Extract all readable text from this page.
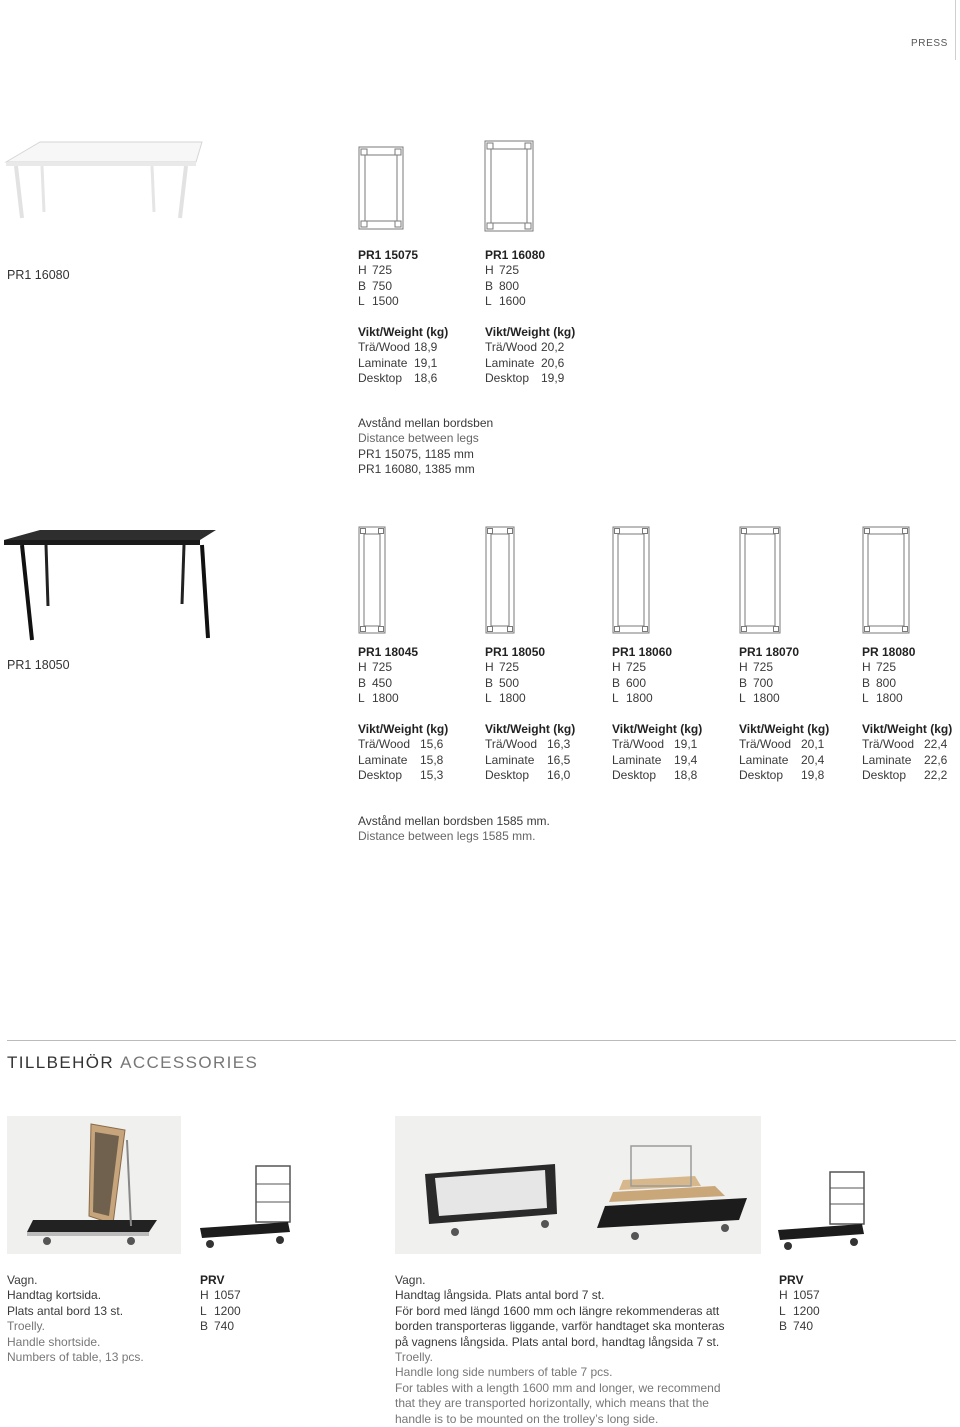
PRESS
PR1 16080
PR1 15075
H 725
B 750
L 1500
Vikt/Weight (kg)
Trä/Wood 18,9
Laminate 19,1
Desktop 18,6
PR1 16080
H 725
B 800
L 1600
Vikt/Weight (kg)
Trä/Wood 20,2
Laminate 20,6
Desktop 19,9
Avstånd mellan bordsben
Distance between legs
PR1 15075, 1185 mm
PR1 16080, 1385 mm
PR1 18050
PR1 18045
H 725
B 450
L 1800
Vikt/Weight (kg)
Trä/Wood 15,6
Laminate 15,8
Desktop 15,3
PR1 18050
H 725
B 500
L 1800
Vikt/Weight (kg)
Trä/Wood 16,3
Laminate 16,5
Desktop 16,0
PR1 18060
H 725
B 600
L 1800
Vikt/Weight (kg)
Trä/Wood 19,1
Laminate 19,4
Desktop 18,8
PR1 18070
H 725
B 700
L 1800
Vikt/Weight (kg)
Trä/Wood 20,1
Laminate 20,4
Desktop 19,8
PR 18080
H 725
B 800
L 1800
Vikt/Weight (kg)
Trä/Wood 22,4
Laminate 22,6
Desktop 22,2
Avstånd mellan bordsben 1585 mm.
Distance between legs 1585 mm.
TILLBEHÖR ACCESSORIES
Vagn.
Handtag kortsida.
Plats antal bord 13 st.
Troelly.
Handle shortside.
Numbers of table, 13 pcs.
PRV
H 1057
L 1200
B 740
Vagn.
Handtag långsida. Plats antal bord 7 st.
För bord med längd 1600 mm och längre rekommenderas att
borden transporteras liggande, varför handtaget ska monteras
på vagnens långsida. Plats antal bord, handtag långsida 7 st.
Troelly.
Handle long side numbers of table 7 pcs.
For tables with a length 1600 mm and longer, we recommend
that they are transported horizontally, which means that the
handle is to be mounted on the trolley’s long side.
PRV
H 1057
L 1200
B 740
